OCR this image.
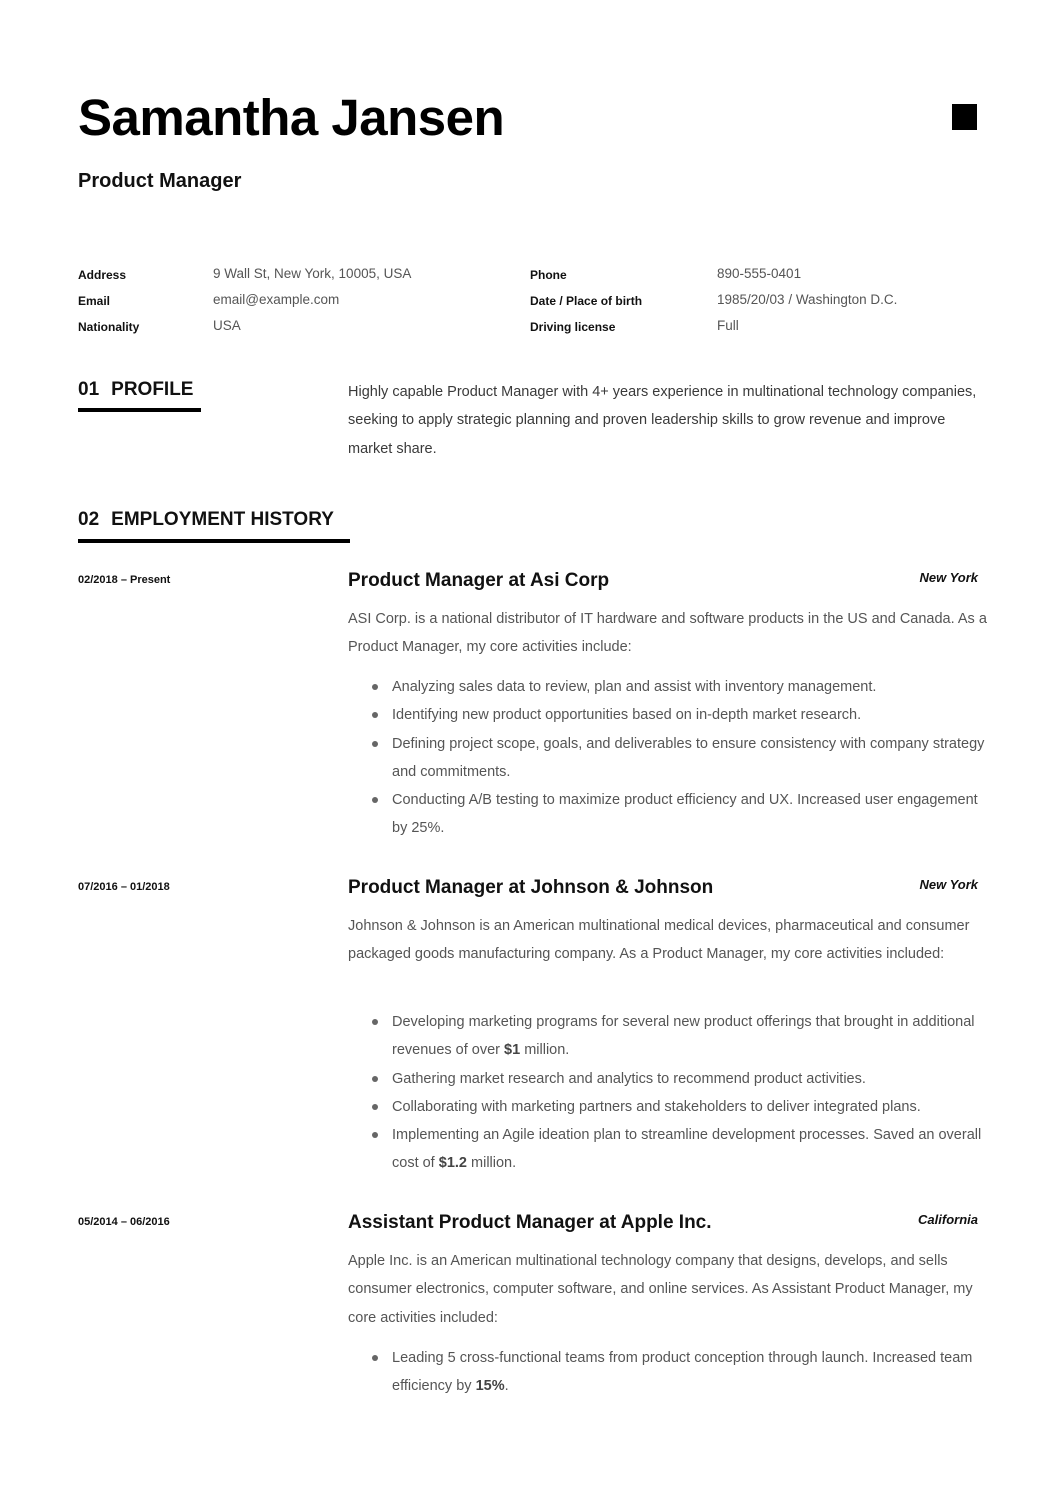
Samantha Jansen
Product Manager
Address	9 Wall St, New York, 10005, USA
Email	email@example.com
Nationality	USA
Phone	890-555-0401
Date / Place of birth	1985/20/03 / Washington D.C.
Driving license	Full
01 PROFILE	Highly capable Product Manager with 4+ years experience in multinational technology companies, seeking to apply strategic planning and proven leadership skills to grow revenue and improve market share.
02 EMPLOYMENT HISTORY
02/2018 – Present	Product Manager at Asi Corp	New York
ASI Corp. is a national distributor of IT hardware and software products in the US and Canada. As a Product Manager, my core activities include:
Analyzing sales data to review, plan and assist with inventory management.
Identifying new product opportunities based on in-depth market research.
Defining project scope, goals, and deliverables to ensure consistency with company strategy and commitments.
Conducting A/B testing to maximize product efficiency and UX. Increased user engagement by 25%.
07/2016 – 01/2018	Product Manager at Johnson & Johnson	New York
Johnson & Johnson is an American multinational medical devices, pharmaceutical and consumer packaged goods manufacturing company. As a Product Manager, my core activities included:
Developing marketing programs for several new product offerings that brought in additional revenues of over $1 million.
Gathering market research and analytics to recommend product activities.
Collaborating with marketing partners and stakeholders to deliver integrated plans.
Implementing an Agile ideation plan to streamline development processes. Saved an overall cost of $1.2 million.
05/2014 – 06/2016	Assistant Product Manager at Apple Inc.	California
Apple Inc. is an American multinational technology company that designs, develops, and sells consumer electronics, computer software, and online services. As Assistant Product Manager, my core activities included:
Leading 5 cross-functional teams from product conception through launch. Increased team efficiency by 15%.
